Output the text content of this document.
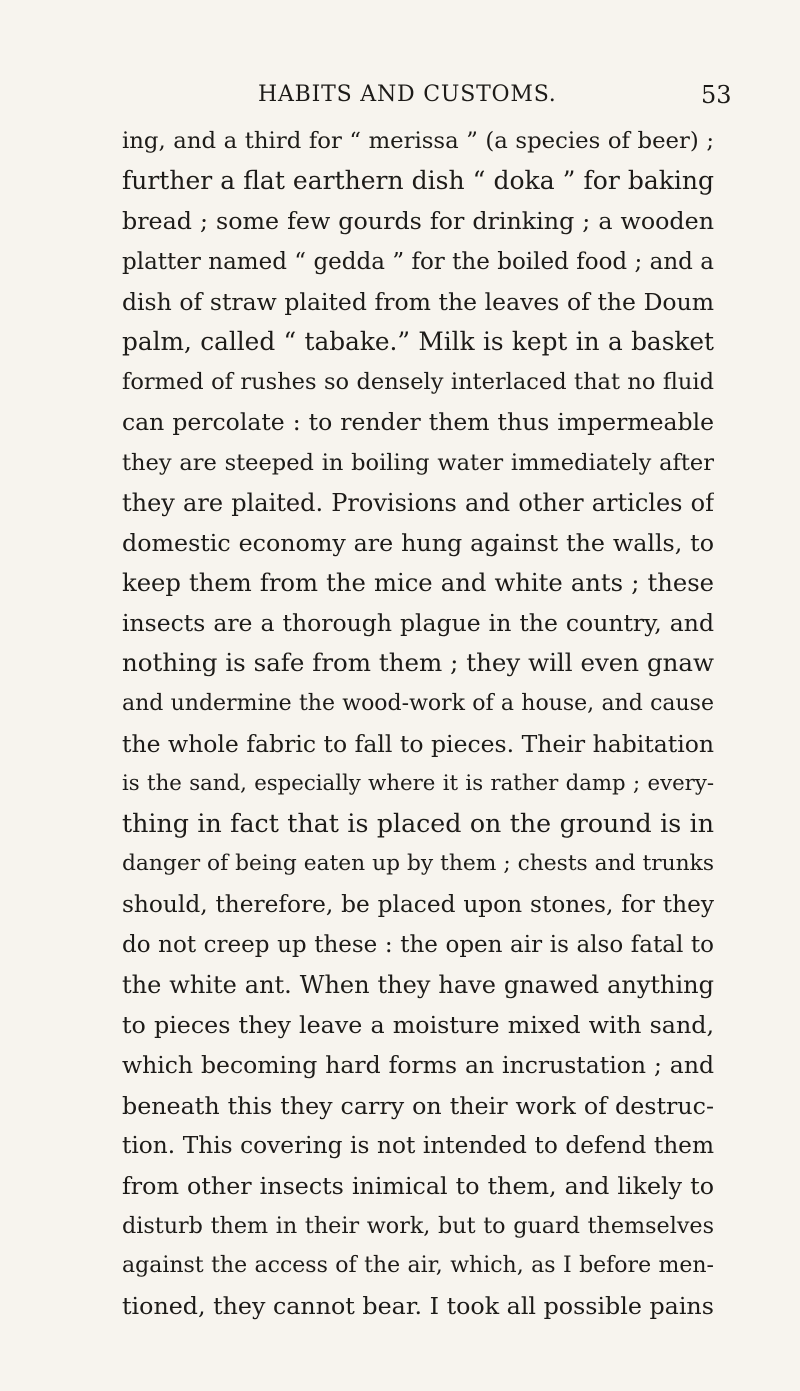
HABITS AND CUSTOMS.	53
ing, and a third for “ merissa ” (a species of beer) ;
further a flat earthern dish “ doka ” for baking
bread ; some few gourds for drinking ; a wooden
platter named “ gedda ” for the boiled food ; and a
dish of straw plaited from the leaves of the Doum
palm, called “ tabake.” Milk is kept in a basket
formed of rushes so densely interlaced that no fluid
can percolate : to render them thus impermeable
they are steeped in boiling water immediately after
they are plaited. Provisions and other articles of
domestic economy are hung against the walls, to
keep them from the mice and white ants ; these
insects are a thorough plague in the country, and
nothing is safe from them ; they will even gnaw
and undermine the wood-work of a house, and cause
the whole fabric to fall to pieces. Their habitation
is the sand, especially where it is rather damp ; every-
thing in fact that is placed on the ground is in
danger of being eaten up by them ; chests and trunks
should, therefore, be placed upon stones, for they
do not creep up these : the open air is also fatal to
the white ant. When they have gnawed anything
to pieces they leave a moisture mixed with sand,
which becoming hard forms an incrustation ; and
beneath this they carry on their work of destruc-
tion. This covering is not intended to defend them
from other insects inimical to them, and likely to
disturb them in their work, but to guard themselves
against the access of the air, which, as I before men-
tioned, they cannot bear. I took all possible pains
